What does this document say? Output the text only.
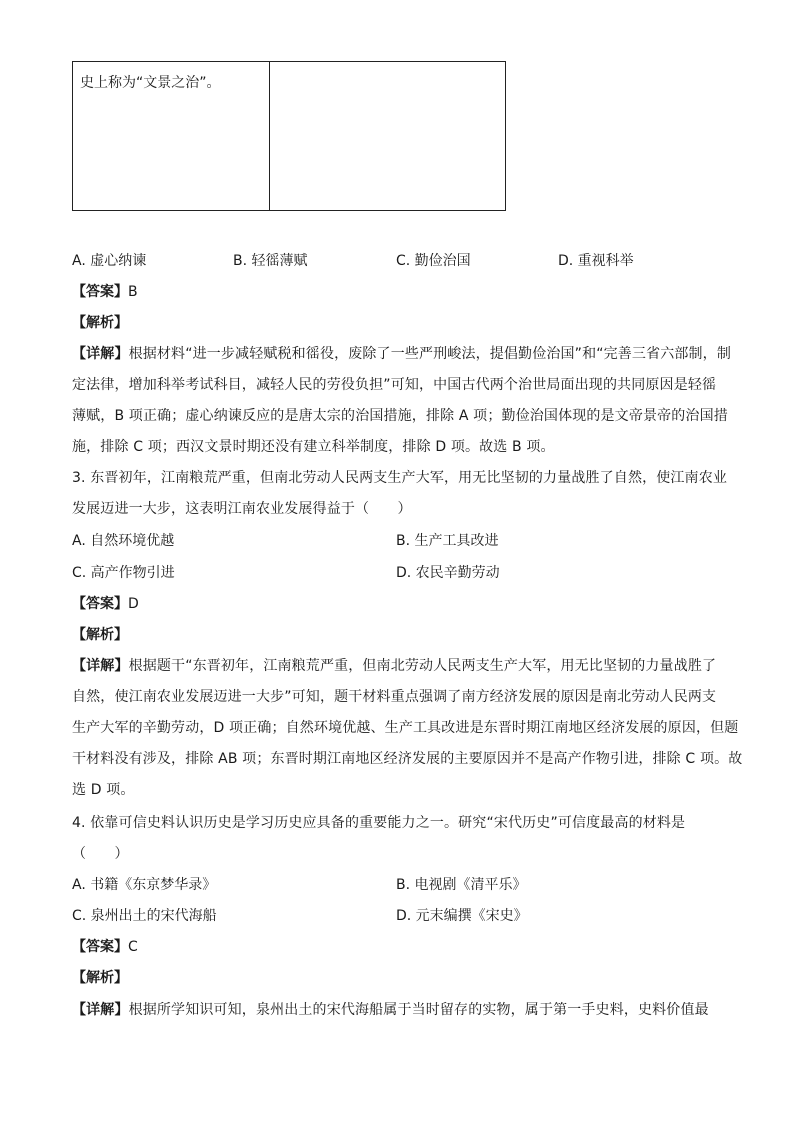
史上称为“文景之治”。
A. 虚心纳谏	B. 轻徭薄赋	C. 勤俭治国	D. 重视科举
【答案】B
【解析】
【详解】根据材料“进一步减轻赋税和徭役，废除了一些严刑峻法，提倡勤俭治国”和“完善三省六部制，制
定法律，增加科举考试科目，减轻人民的劳役负担”可知，中国古代两个治世局面出现的共同原因是轻徭
薄赋，B 项正确；虚心纳谏反应的是唐太宗的治国措施，排除 A 项；勤俭治国体现的是文帝景帝的治国措
施，排除 C 项；西汉文景时期还没有建立科举制度，排除 D 项。故选 B 项。
3. 东晋初年，江南粮荒严重，但南北劳动人民两支生产大军，用无比坚韧的力量战胜了自然，使江南农业
发展迈进一大步，这表明江南农业发展得益于（　　）
A. 自然环境优越	B. 生产工具改进
C. 高产作物引进	D. 农民辛勤劳动
【答案】D
【解析】
【详解】根据题干“东晋初年，江南粮荒严重，但南北劳动人民两支生产大军，用无比坚韧的力量战胜了
自然，使江南农业发展迈进一大步”可知，题干材料重点强调了南方经济发展的原因是南北劳动人民两支
生产大军的辛勤劳动，D 项正确；自然环境优越、生产工具改进是东晋时期江南地区经济发展的原因，但题
干材料没有涉及，排除 AB 项；东晋时期江南地区经济发展的主要原因并不是高产作物引进，排除 C 项。故
选 D 项。
4. 依靠可信史料认识历史是学习历史应具备的重要能力之一。研究“宋代历史”可信度最高的材料是
（　　）
A. 书籍《东京梦华录》	B. 电视剧《清平乐》
C. 泉州出土的宋代海船	D. 元末编撰《宋史》
【答案】C
【解析】
【详解】根据所学知识可知，泉州出土的宋代海船属于当时留存的实物，属于第一手史料，史料价值最
